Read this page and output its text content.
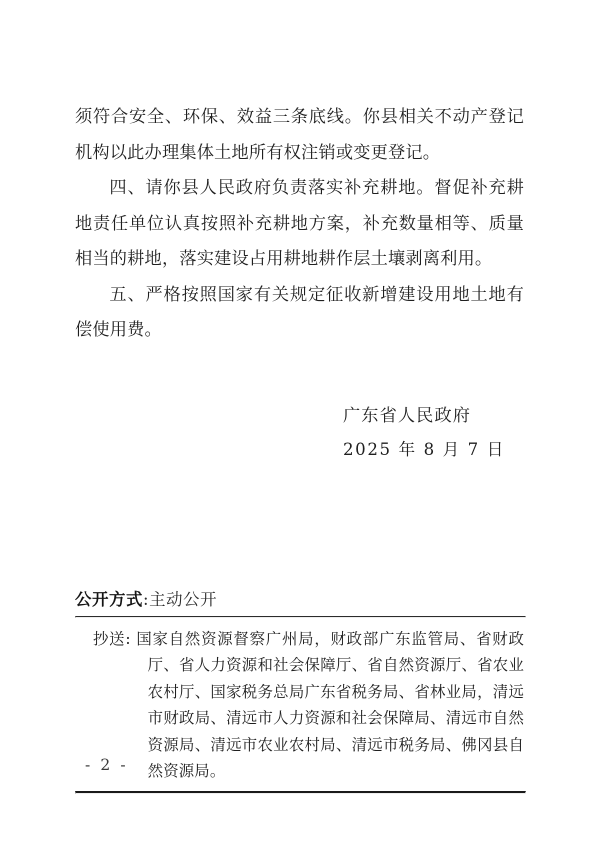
须符合安全、环保、效益三条底线。你县相关不动产登记机构以此办理集体土地所有权注销或变更登记。

四、请你县人民政府负责落实补充耕地。督促补充耕地责任单位认真按照补充耕地方案，补充数量相等、质量相当的耕地，落实建设占用耕地耕作层土壤剥离利用。

五、严格按照国家有关规定征收新增建设用地土地有偿使用费。

广东省人民政府
2025 年 8 月 7 日
公开方式:主动公开

抄送: 国家自然资源督察广州局，财政部广东监管局、省财政厅、省人力资源和社会保障厅、省自然资源厅、省农业农村厅、国家税务总局广东省税务局、省林业局，清远市财政局、清远市人力资源和社会保障局、清远市自然资源局、清远市农业农村局、清远市税务局、佛冈县自然资源局。

- 2 -
